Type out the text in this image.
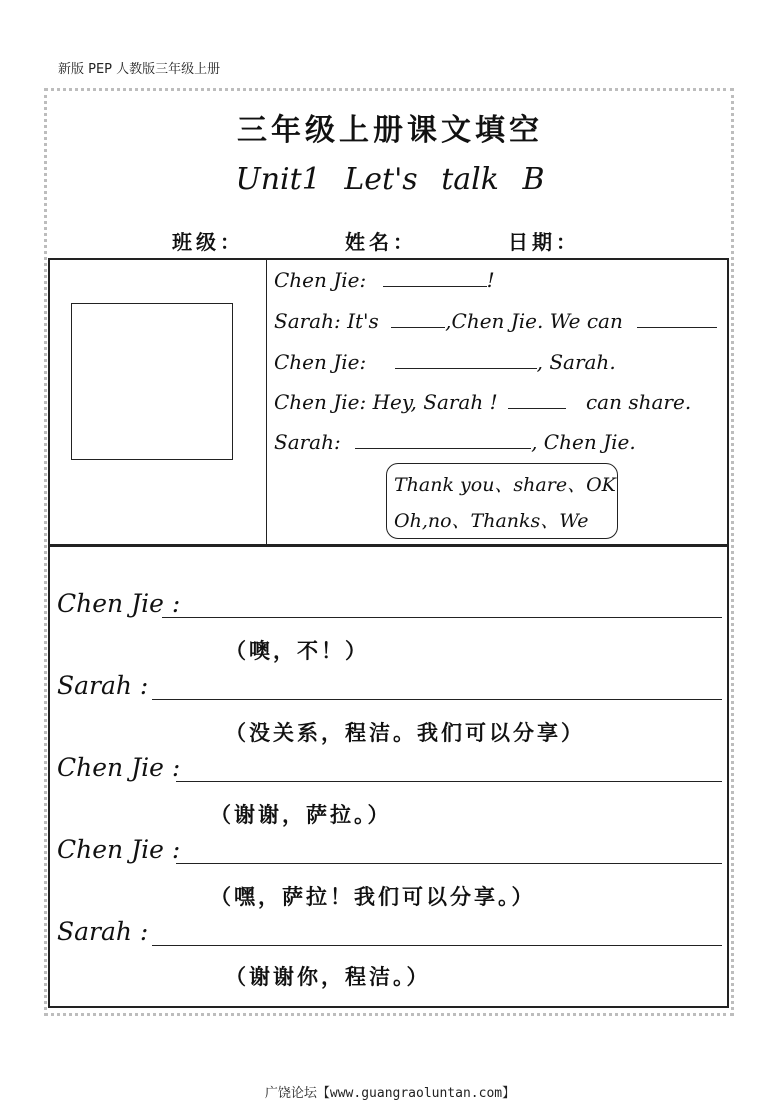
新版 PEP 人教版三年级上册
三年级上册课文填空
Unit1 Let's talk B
班级：	姓名：	日期：
Chen Jie:	!
Sarah: It's	,Chen Jie. We can
Chen Jie:	, Sarah.
Chen Jie: Hey, Sarah !	can share.
Sarah:	, Chen Jie.
Thank you、share、OK
Oh,no、Thanks、We
Chen Jie :
（噢，不！）
Sarah :
（没关系，程洁。我们可以分享）
Chen Jie :
（谢谢，萨拉。）
Chen Jie :
（嘿，萨拉！我们可以分享。）
Sarah :
（谢谢你，程洁。）
广饶论坛【www.guangraoluntan.com】
